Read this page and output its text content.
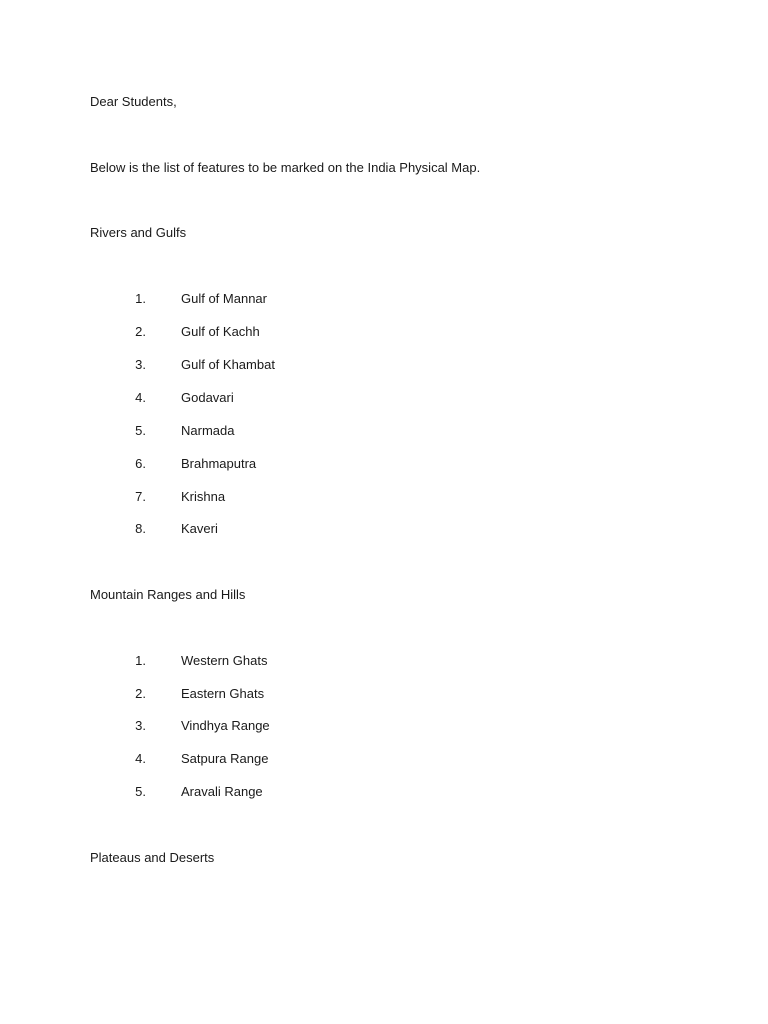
Dear Students,
Below is the list of features to be marked on the India Physical Map.
Rivers and Gulfs
1.	Gulf of Mannar
2.	Gulf of Kachh
3.	Gulf of Khambat
4.	Godavari
5.	Narmada
6.	Brahmaputra
7.	Krishna
8.	Kaveri
Mountain Ranges and Hills
1.	Western Ghats
2.	Eastern Ghats
3.	Vindhya Range
4.	Satpura Range
5.	Aravali Range
Plateaus and Deserts
